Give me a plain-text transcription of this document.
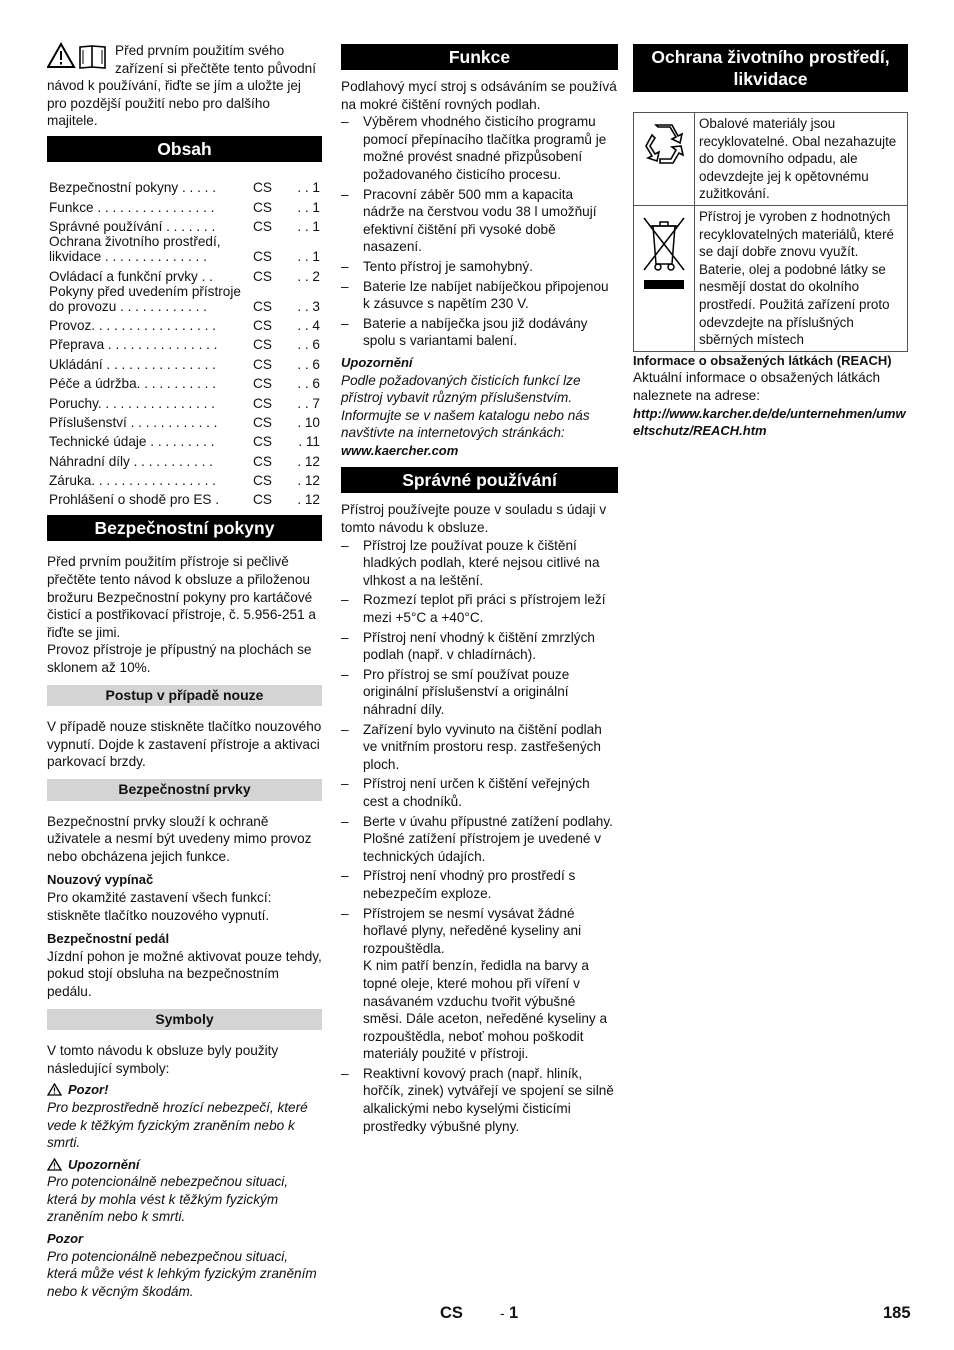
Před prvním použitím svého zařízení si přečtěte tento původní návod k používání, řiďte se jím a uložte jej pro pozdější použití nebo pro dalšího majitele.

Obsah
Bezpečnostní pokyny . . . . .	CS	. . 1
Funkce . . . . . . . . . . . . . . . .	CS	. . 1
Správné používání . . . . . . .	CS	. . 1
Ochrana životního prostředí, likvidace . . . . . . . . . . . . . .	CS	. . 1
Ovládací a funkční prvky . .	CS	. . 2
Pokyny před uvedením přístroje do provozu . . . . . . . . . . . .	CS	. . 3
Provoz. . . . . . . . . . . . . . . . .	CS	. . 4
Přeprava . . . . . . . . . . . . . . .	CS	. . 6
Ukládání . . . . . . . . . . . . . . .	CS	. . 6
Péče a údržba. . . . . . . . . . .	CS	. . 6
Poruchy. . . . . . . . . . . . . . . .	CS	. . 7
Příslušenství . . . . . . . . . . . .	CS	. 10
Technické údaje . . . . . . . . .	CS	. 11
Náhradní díly . . . . . . . . . . .	CS	. 12
Záruka. . . . . . . . . . . . . . . . .	CS	. 12
Prohlášení o shodě pro ES .	CS	. 12
Bezpečnostní pokyny

Před prvním použitím přístroje si pečlivě přečtěte tento návod k obsluze a přiloženou brožuru Bezpečnostní pokyny pro kartáčové čisticí a postřikovací přístroje, č. 5.956-251 a řiďte se jimi.

Provoz přístroje je přípustný na plochách se sklonem až 10%.

Postup v případě nouze

V případě nouze stiskněte tlačítko nouzového vypnutí. Dojde k zastavení přístroje a aktivaci parkovací brzdy.

Bezpečnostní prvky

Bezpečnostní prvky slouží k ochraně uživatele a nesmí být uvedeny mimo provoz nebo obcházena jejich funkce.

Nouzový vypínač

Pro okamžité zastavení všech funkcí: stiskněte tlačítko nouzového vypnutí.

Bezpečnostní pedál

Jízdní pohon je možné aktivovat pouze tehdy, pokud stojí obsluha na bezpečnostním pedálu.

Symboly

V tomto návodu k obsluze byly použity následující symboly:

Pozor!

Pro bezprostředně hrozící nebezpečí, které vede k těžkým fyzickým zraněním nebo k smrti.

Upozornění

Pro potencionálně nebezpečnou situaci, která by mohla vést k těžkým fyzickým zraněním nebo k smrti.

Pozor

Pro potencionálně nebezpečnou situaci, která může vést k lehkým fyzickým zraněním nebo k věcným škodám.

Funkce

Podlahový mycí stroj s odsáváním se používá na mokré čištění rovných podlah.

– Výběrem vhodného čisticího programu pomocí přepínacího tlačítka programů je možné provést snadné přizpůsobení požadovaného čisticího procesu.
– Pracovní záběr 500 mm a kapacita nádrže na čerstvou vodu 38 l umožňují efektivní čištění při vysoké době nasazení.
– Tento přístroj je samohybný.
– Baterie lze nabíjet nabíječkou připojenou k zásuvce s napětím 230 V.
– Baterie a nabíječka jsou již dodávány spolu s variantami balení.

Upozornění

Podle požadovaných čisticích funkcí lze přístroj vybavit různým příslušenstvím. Informujte se v našem katalogu nebo nás navštivte na internetových stránkách:

www.kaercher.com

Správné používání

Přístroj používejte pouze v souladu s údaji v tomto návodu k obsluze.

– Přístroj lze používat pouze k čištění hladkých podlah, které nejsou citlivé na vlhkost a na leštění.
– Rozmezí teplot při práci s přístrojem leží mezi +5°C a +40°C.
– Přístroj není vhodný k čištění zmrzlých podlah (např. v chladírnách).
– Pro přístroj se smí používat pouze originální příslušenství a originální náhradní díly.
– Zařízení bylo vyvinuto na čištění podlah ve vnitřním prostoru resp. zastřešených ploch.
– Přístroj není určen k čištění veřejných cest a chodníků.
– Berte v úvahu přípustné zatížení podlahy.
Plošné zatížení přístrojem je uvedené v technických údajích.
– Přístroj není vhodný pro prostředí s nebezpečím exploze.
– Přístrojem se nesmí vysávat žádné hořlavé plyny, neředěné kyseliny ani rozpouštědla.
K nim patří benzín, ředidla na barvy a topné oleje, které mohou při víření v nasávaném vzduchu tvořit výbušné směsi. Dále aceton, neředěné kyseliny a rozpouštědla, neboť mohou poškodit materiály použité v přístroji.
– Reaktivní kovový prach (např. hliník, hořčík, zinek) vytvářejí ve spojení se silně alkalickými nebo kyselými čisticími prostředky výbušné plyny.
Ochrana životního prostředí, likvidace
	Obalové materiály jsou recyklovatelné. Obal nezahazujte do domovního odpadu, ale odevzdejte jej k opětovnému zužitkování.
	Přístroj je vyroben z hodnotných recyklovatelných materiálů, které se dají dobře znovu využít. Baterie, olej a podobné látky se nesmějí dostat do okolního prostředí. Použitá zařízení proto odevzdejte na příslušných sběrných místech

Informace o obsažených látkách (REACH)

Aktuální informace o obsažených látkách naleznete na adrese:

http://www.karcher.de/de/unternehmen/umweltschutz/REACH.htm

CS	- 1	185
